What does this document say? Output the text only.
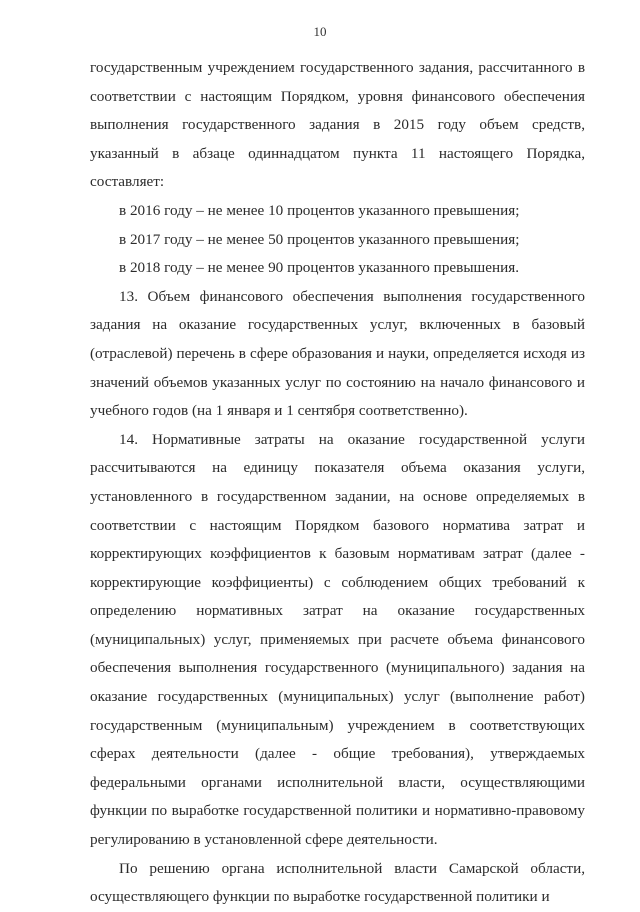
10

государственным учреждением государственного задания, рассчитанного в соответствии с настоящим Порядком, уровня финансового обеспечения выполнения государственного задания в 2015 году объем средств, указанный в абзаце одиннадцатом пункта 11 настоящего Порядка, составляет:

в 2016 году – не менее 10 процентов указанного превышения;

в 2017 году – не менее 50 процентов указанного превышения;

в 2018 году – не менее 90 процентов указанного превышения.

13. Объем финансового обеспечения выполнения государственного задания на оказание государственных услуг, включенных в базовый (отраслевой) перечень в сфере образования и науки, определяется исходя из значений объемов указанных услуг по состоянию на начало финансового и учебного годов (на 1 января и 1 сентября соответственно).

14. Нормативные затраты на оказание государственной услуги рассчитываются на единицу показателя объема оказания услуги, установленного в государственном задании, на основе определяемых в соответствии с настоящим Порядком базового норматива затрат и корректирующих коэффициентов к базовым нормативам затрат (далее - корректирующие коэффициенты) с соблюдением общих требований к определению нормативных затрат на оказание государственных (муниципальных) услуг, применяемых при расчете объема финансового обеспечения выполнения государственного (муниципального) задания на оказание государственных (муниципальных) услуг (выполнение работ) государственным (муниципальным) учреждением в соответствующих сферах деятельности (далее - общие требования), утверждаемых федеральными органами исполнительной власти, осуществляющими функции по выработке государственной политики и нормативно-правовому регулированию в установленной сфере деятельности.

По решению органа исполнительной власти Самарской области, осуществляющего функции по выработке государственной политики и
